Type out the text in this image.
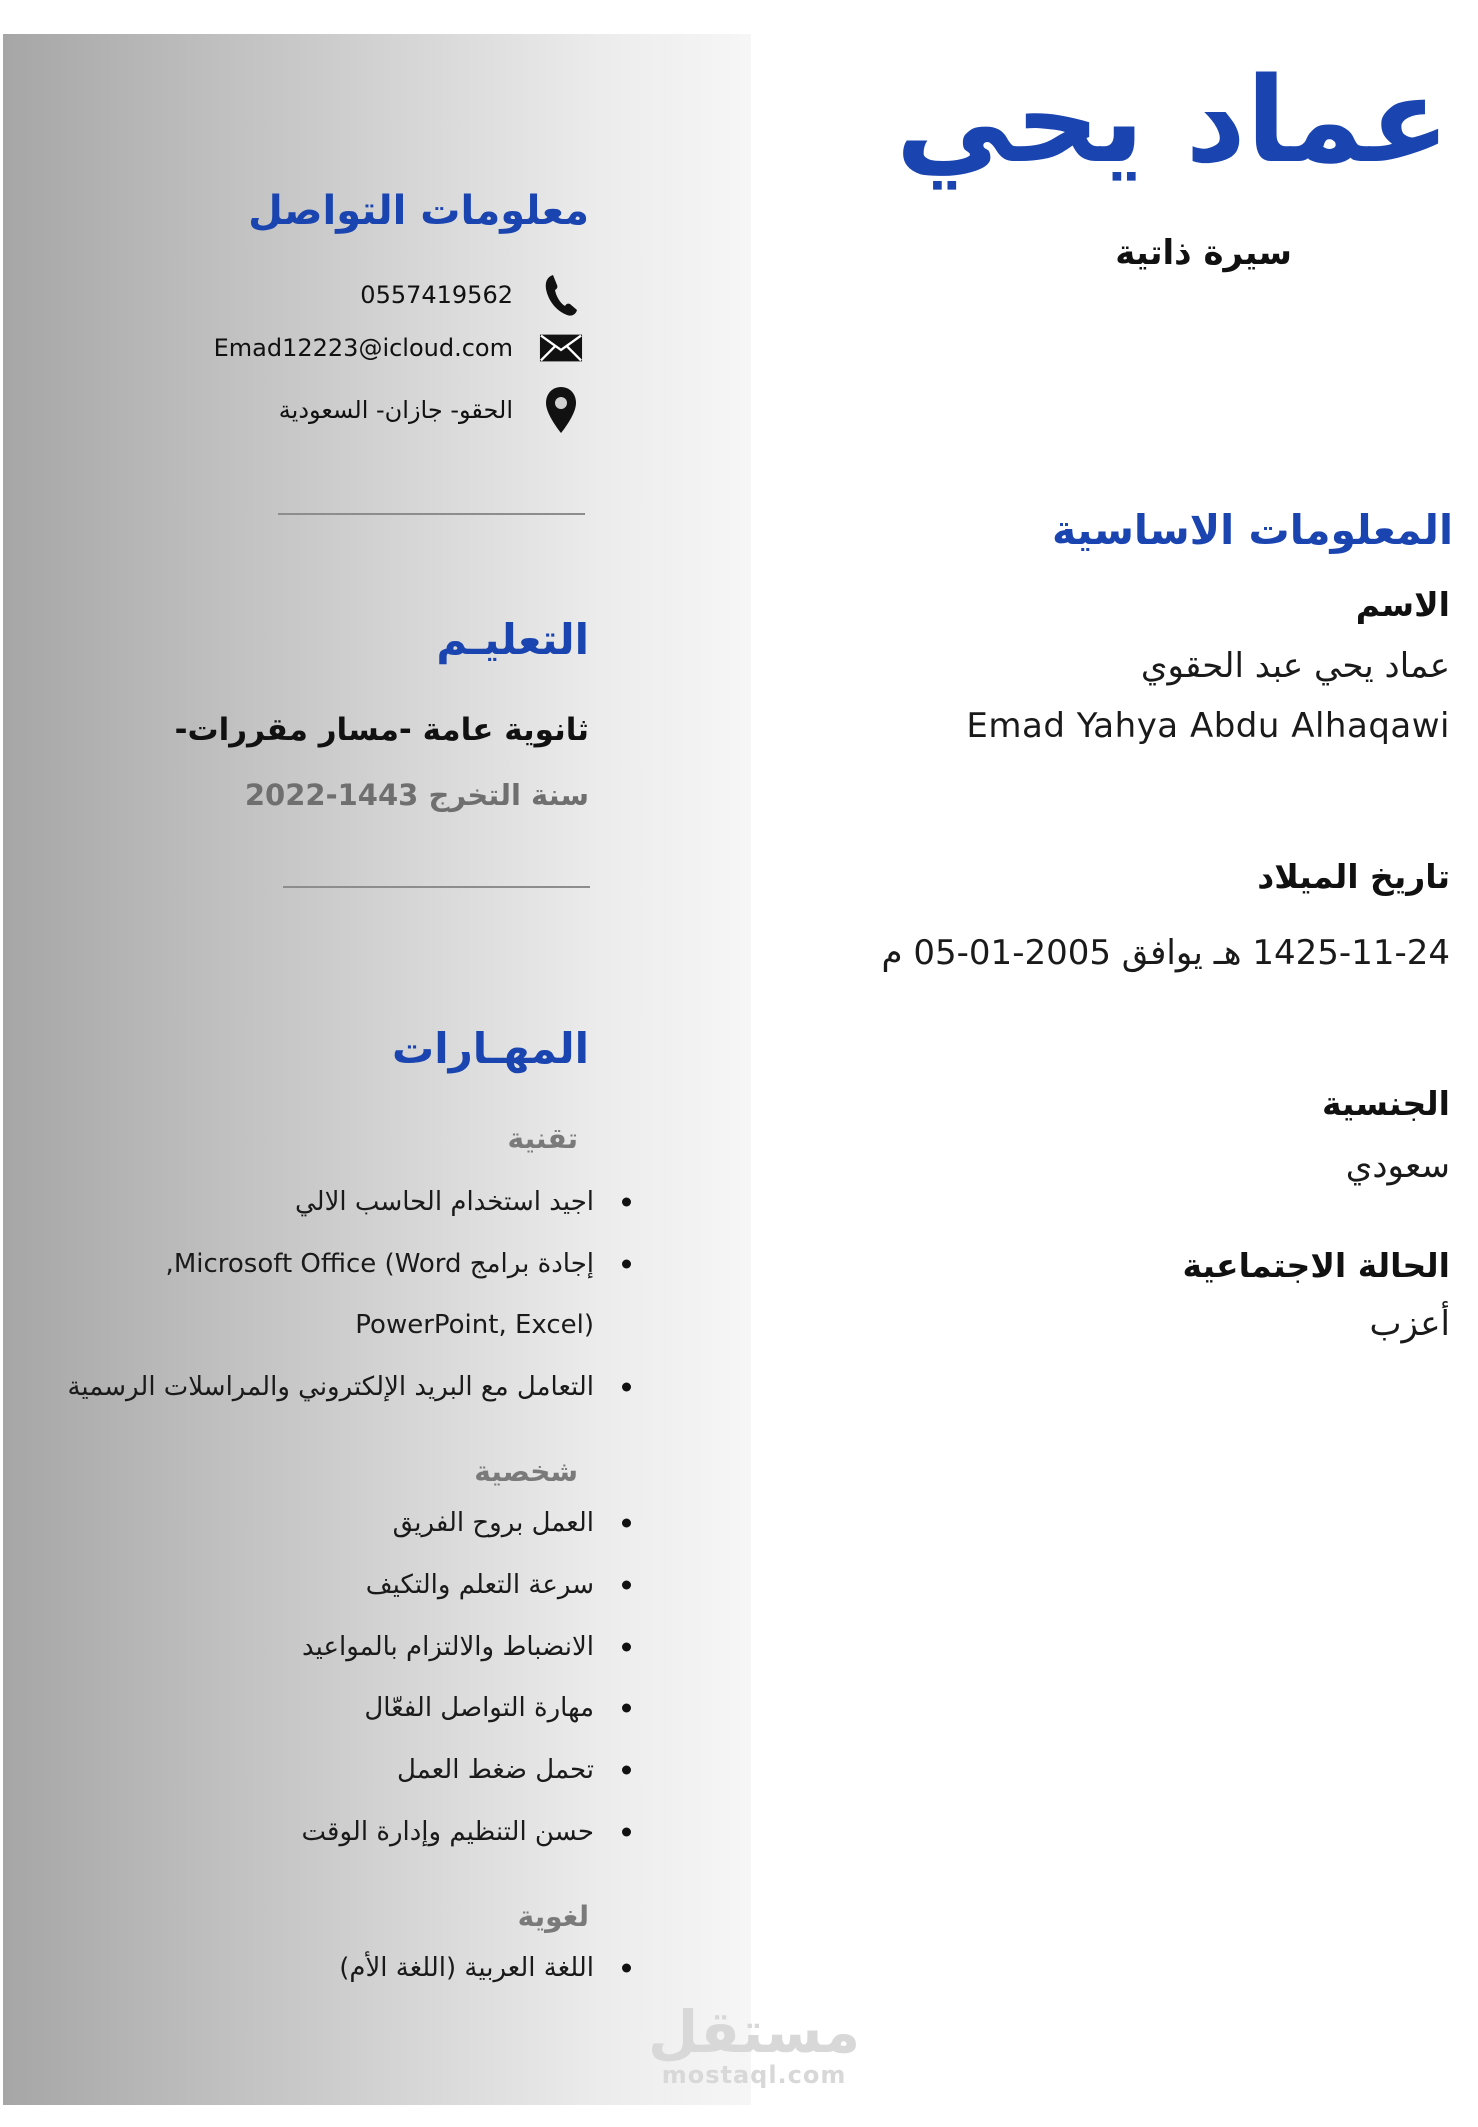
عماد يحي
سيرة ذاتية
معلومات التواصل
0557419562
Emad12223@icloud.com
الحقو- جازان- السعودية
التعليـم
ثانوية عامة -مسار مقررات-
سنة التخرج 1443-2022
المهـارات
تقنية
اجيد استخدام الحاسب الالي
إجادة برامج Microsoft Office (Word,
PowerPoint, Excel)
التعامل مع البريد الإلكتروني والمراسلات الرسمية
شخصية
العمل بروح الفريق
سرعة التعلم والتكيف
الانضباط والالتزام بالمواعيد
مهارة التواصل الفعّال
تحمل ضغط العمل
حسن التنظيم وإدارة الوقت
لغوية
اللغة العربية (اللغة الأم)
المعلومات الاساسية
الاسم
عماد يحي عبد الحقوي
Emad Yahya Abdu Alhaqawi
تاريخ الميلاد
1425-11-24 هـ يوافق 2005-01-05 م
الجنسية
سعودي
الحالة الاجتماعية
أعزب
مستقل
mostaql.com
